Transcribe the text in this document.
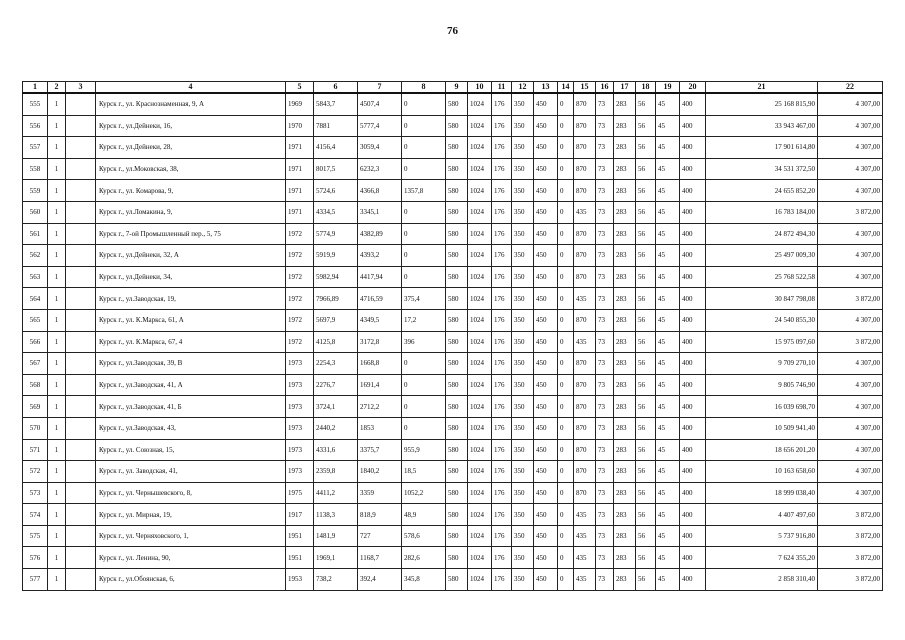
76
1	2	3	4	5	6	7	8	9	10	11	12	13	14	15	16	17	18	19	20	21	22
555	1		Курск г., ул. Краснознаменная, 9, А	1969	5843,7	4507,4	0	580	1024	176	350	450	0	870	73	283	56	45	400	25 168 815,90	4 307,00
556	1		Курск г., ул.Дейнеки, 16,	1970	7881	5777,4	0	580	1024	176	350	450	0	870	73	283	56	45	400	33 943 467,00	4 307,00
557	1		Курск г., ул.Дейнеки, 28,	1971	4156,4	3059,4	0	580	1024	176	350	450	0	870	73	283	56	45	400	17 901 614,80	4 307,00
558	1		Курск г., ул.Моковская, 38,	1971	8017,5	6232,3	0	580	1024	176	350	450	0	870	73	283	56	45	400	34 531 372,50	4 307,00
559	1		Курск г., ул. Комарова, 9,	1971	5724,6	4366,8	1357,8	580	1024	176	350	450	0	870	73	283	56	45	400	24 655 852,20	4 307,00
560	1		Курск г., ул.Ломакина, 9,	1971	4334,5	3345,1	0	580	1024	176	350	450	0	435	73	283	56	45	400	16 783 184,00	3 872,00
561	1		Курск г., 7-ой Промышленный пер., 5, 75	1972	5774,9	4382,89	0	580	1024	176	350	450	0	870	73	283	56	45	400	24 872 494,30	4 307,00
562	1		Курск г., ул.Дейнеки, 32, А	1972	5919,9	4393,2	0	580	1024	176	350	450	0	870	73	283	56	45	400	25 497 009,30	4 307,00
563	1		Курск г., ул.Дейнеки, 34,	1972	5982,94	4417,94	0	580	1024	176	350	450	0	870	73	283	56	45	400	25 768 522,58	4 307,00
564	1		Курск г., ул.Заводская, 19,	1972	7966,89	4716,59	375,4	580	1024	176	350	450	0	435	73	283	56	45	400	30 847 798,08	3 872,00
565	1		Курск г., ул. К.Маркса, 61, А	1972	5697,9	4349,5	17,2	580	1024	176	350	450	0	870	73	283	56	45	400	24 540 855,30	4 307,00
566	1		Курск г., ул. К.Маркса, 67, 4	1972	4125,8	3172,8	396	580	1024	176	350	450	0	435	73	283	56	45	400	15 975 097,60	3 872,00
567	1		Курск г., ул.Заводская, 39, В	1973	2254,3	1668,8	0	580	1024	176	350	450	0	870	73	283	56	45	400	9 709 270,10	4 307,00
568	1		Курск г., ул.Заводская, 41, А	1973	2276,7	1691,4	0	580	1024	176	350	450	0	870	73	283	56	45	400	9 805 746,90	4 307,00
569	1		Курск г., ул.Заводская, 41, Б	1973	3724,1	2712,2	0	580	1024	176	350	450	0	870	73	283	56	45	400	16 039 698,70	4 307,00
570	1		Курск г., ул.Заводская, 43,	1973	2440,2	1853	0	580	1024	176	350	450	0	870	73	283	56	45	400	10 509 941,40	4 307,00
571	1		Курск г., ул. Союзная, 15,	1973	4331,6	3375,7	955,9	580	1024	176	350	450	0	870	73	283	56	45	400	18 656 201,20	4 307,00
572	1		Курск г., ул. Заводская, 41,	1973	2359,8	1840,2	18,5	580	1024	176	350	450	0	870	73	283	56	45	400	10 163 658,60	4 307,00
573	1		Курск г., ул. Чернышевского, 8,	1975	4411,2	3359	1052,2	580	1024	176	350	450	0	870	73	283	56	45	400	18 999 038,40	4 307,00
574	1		Курск г., ул. Мирная, 19,	1917	1138,3	818,9	48,9	580	1024	176	350	450	0	435	73	283	56	45	400	4 407 497,60	3 872,00
575	1		Курск г., ул. Черняховского, 1,	1951	1481,9	727	578,6	580	1024	176	350	450	0	435	73	283	56	45	400	5 737 916,80	3 872,00
576	1		Курск г., ул. Ленина, 90,	1951	1969,1	1168,7	282,6	580	1024	176	350	450	0	435	73	283	56	45	400	7 624 355,20	3 872,00
577	1		Курск г., ул.Обоянская, 6,	1953	738,2	392,4	345,8	580	1024	176	350	450	0	435	73	283	56	45	400	2 858 310,40	3 872,00
